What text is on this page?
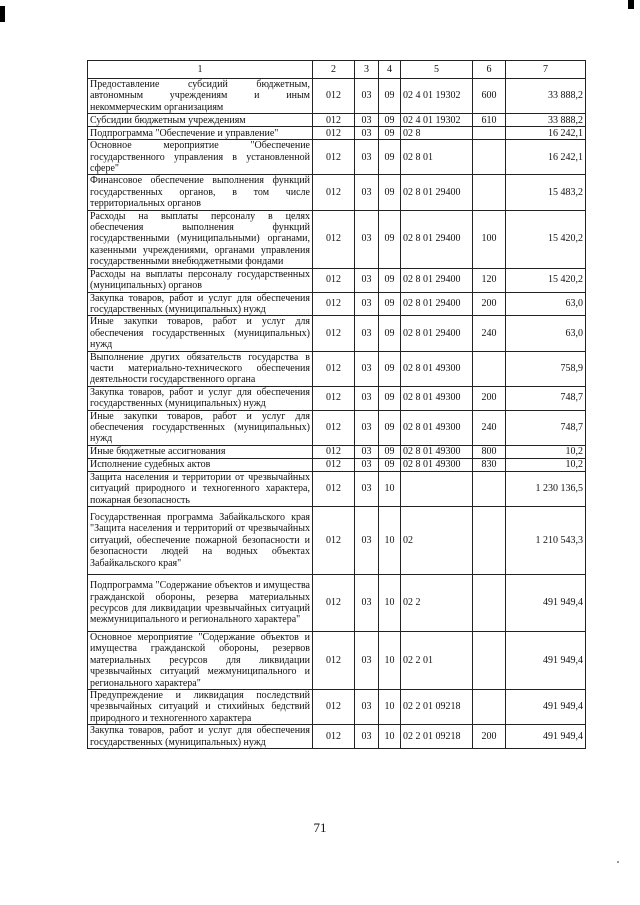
1	2	3	4	5	6	7
Предоставление субсидий бюджетным, автономным учреждениям и иным некоммерческим организациям	012	03	09	02 4 01 19302	600	33 888,2
Субсидии бюджетным учреждениям	012	03	09	02 4 01 19302	610	33 888,2
Подпрограмма "Обеспечение и управление"	012	03	09	02 8		16 242,1
Основное мероприятие "Обеспечение государственного управления в установленной сфере"	012	03	09	02 8 01		16 242,1
Финансовое обеспечение выполнения функций государственных органов, в том числе территориальных органов	012	03	09	02 8 01 29400		15 483,2
Расходы на выплаты персоналу в целях обеспечения выполнения функций государственными (муниципальными) органами, казенными учреждениями, органами управления государственными внебюджетными фондами	012	03	09	02 8 01 29400	100	15 420,2
Расходы на выплаты персоналу государственных (муниципальных) органов	012	03	09	02 8 01 29400	120	15 420,2
Закупка товаров, работ и услуг для обеспечения государственных (муниципальных) нужд	012	03	09	02 8 01 29400	200	63,0
Иные закупки товаров, работ и услуг для обеспечения государственных (муниципальных) нужд	012	03	09	02 8 01 29400	240	63,0
Выполнение других обязательств государства в части материально-технического обеспечения деятельности государственного органа	012	03	09	02 8 01 49300		758,9
Закупка товаров, работ и услуг для обеспечения государственных (муниципальных) нужд	012	03	09	02 8 01 49300	200	748,7
Иные закупки товаров, работ и услуг для обеспечения государственных (муниципальных) нужд	012	03	09	02 8 01 49300	240	748,7
Иные бюджетные ассигнования	012	03	09	02 8 01 49300	800	10,2
Исполнение судебных актов	012	03	09	02 8 01 49300	830	10,2
Защита населения и территории от чрезвычайных ситуаций природного и техногенного характера, пожарная безопасность	012	03	10			1 230 136,5
Государственная программа Забайкальского края "Защита населения и территорий от чрезвычайных ситуаций, обеспечение пожарной безопасности и безопасности людей на водных объектах Забайкальского края"	012	03	10	02		1 210 543,3
Подпрограмма "Содержание объектов и имущества гражданской обороны, резерва материальных ресурсов для ликвидации чрезвычайных ситуаций межмуниципального и регионального характера"	012	03	10	02 2		491 949,4
Основное мероприятие "Содержание объектов и имущества гражданской обороны, резервов материальных ресурсов для ликвидации чрезвычайных ситуаций межмуниципального и регионального характера"	012	03	10	02 2 01		491 949,4
Предупреждение и ликвидация последствий чрезвычайных ситуаций и стихийных бедствий природного и техногенного характера	012	03	10	02 2 01 09218		491 949,4
Закупка товаров, работ и услуг для обеспечения государственных (муниципальных) нужд	012	03	10	02 2 01 09218	200	491 949,4
71
